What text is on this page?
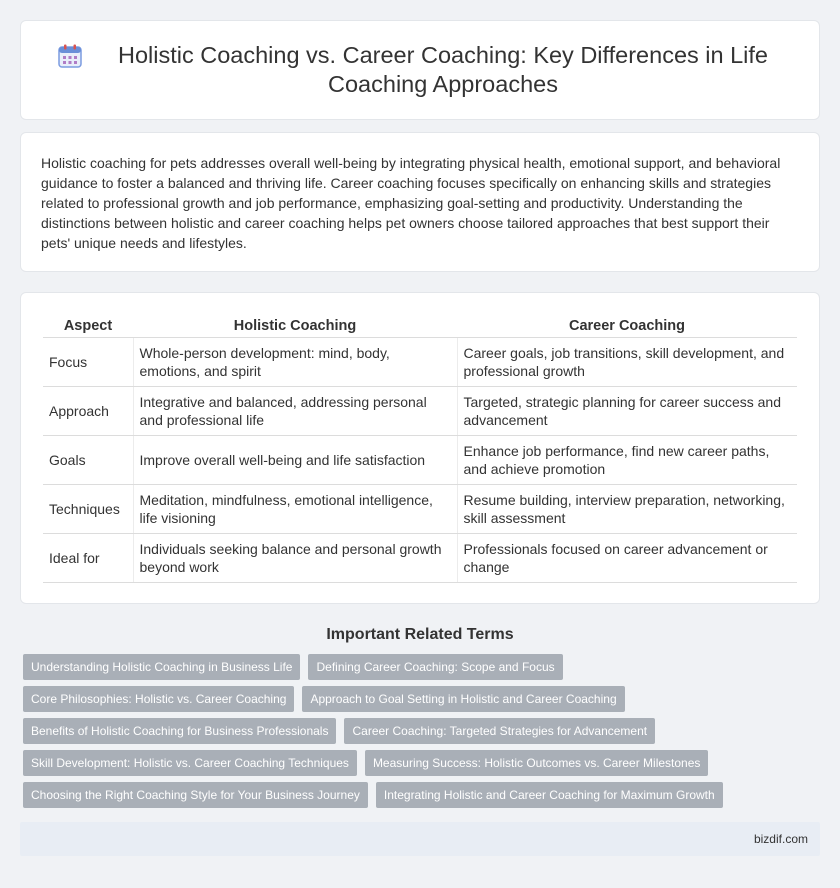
Holistic Coaching vs. Career Coaching: Key Differences in Life Coaching Approaches

Holistic coaching for pets addresses overall well-being by integrating physical health, emotional support, and behavioral guidance to foster a balanced and thriving life. Career coaching focuses specifically on enhancing skills and strategies related to professional growth and job performance, emphasizing goal-setting and productivity. Understanding the distinctions between holistic and career coaching helps pet owners choose tailored approaches that best support their pets' unique needs and lifestyles.

Aspect	Holistic Coaching	Career Coaching
Focus	Whole-person development: mind, body, emotions, and spirit	Career goals, job transitions, skill development, and professional growth
Approach	Integrative and balanced, addressing personal and professional life	Targeted, strategic planning for career success and advancement
Goals	Improve overall well-being and life satisfaction	Enhance job performance, find new career paths, and achieve promotion
Techniques	Meditation, mindfulness, emotional intelligence, life visioning	Resume building, interview preparation, networking, skill assessment
Ideal for	Individuals seeking balance and personal growth beyond work	Professionals focused on career advancement or change
Important Related Terms
Understanding Holistic Coaching in Business Life	Defining Career Coaching: Scope and Focus
Core Philosophies: Holistic vs. Career Coaching	Approach to Goal Setting in Holistic and Career Coaching
Benefits of Holistic Coaching for Business Professionals	Career Coaching: Targeted Strategies for Advancement
Skill Development: Holistic vs. Career Coaching Techniques	Measuring Success: Holistic Outcomes vs. Career Milestones
Choosing the Right Coaching Style for Your Business Journey	Integrating Holistic and Career Coaching for Maximum Growth
bizdif.com
